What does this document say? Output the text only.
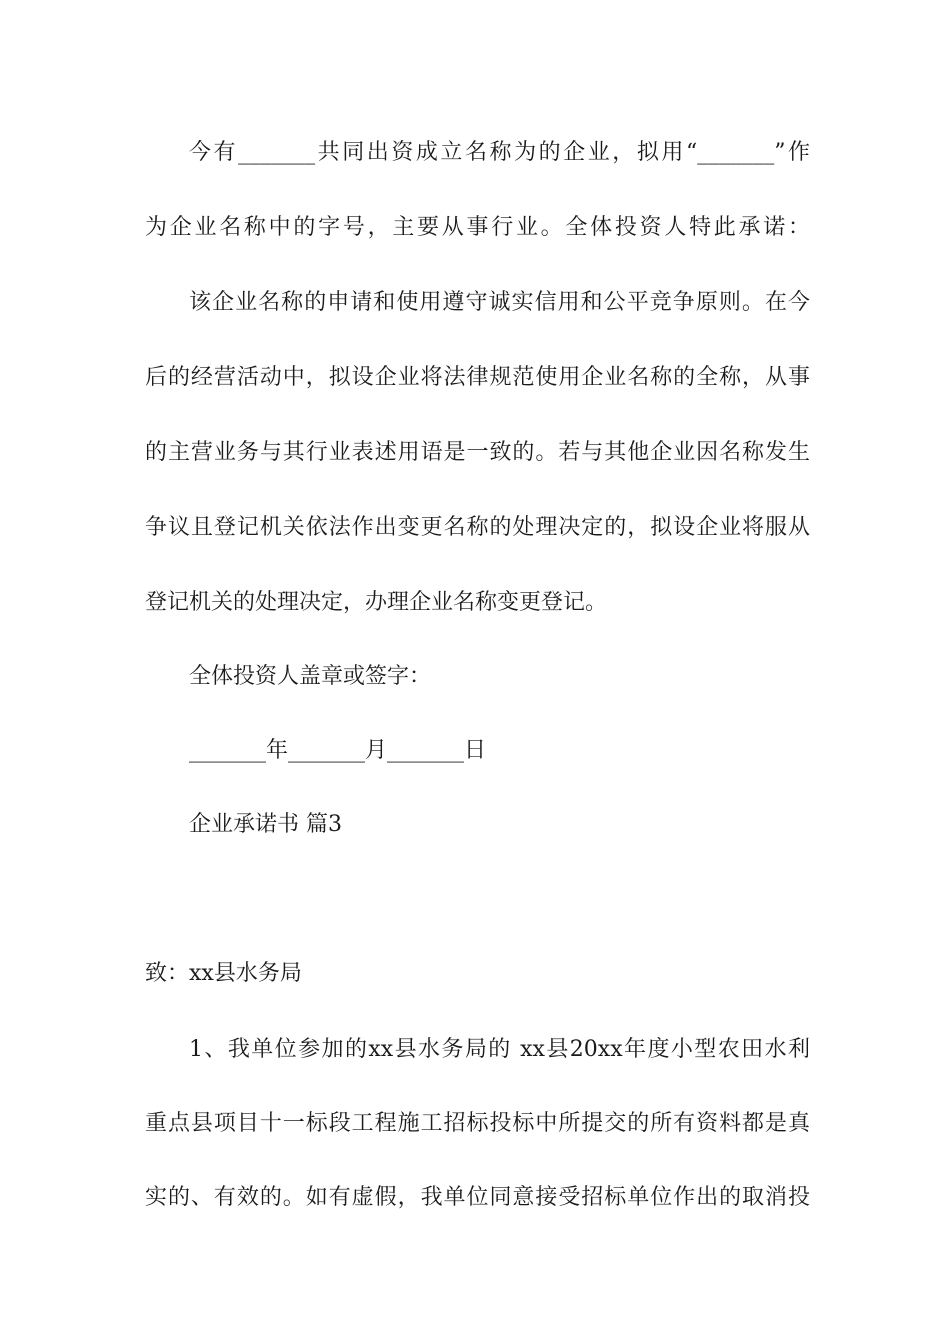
今有_______共同出资成立名称为的企业，拟用“_______”作
为企业名称中的字号，主要从事行业。全体投资人特此承诺：
该企业名称的申请和使用遵守诚实信用和公平竞争原则。在今
后的经营活动中，拟设企业将法律规范使用企业名称的全称，从事
的主营业务与其行业表述用语是一致的。若与其他企业因名称发生
争议且登记机关依法作出变更名称的处理决定的，拟设企业将服从
登记机关的处理决定，办理企业名称变更登记。
全体投资人盖章或签字：
_______年_______月_______日
企业承诺书 篇3
致：xx县水务局
1、我单位参加的xx县水务局的 xx县20xx年度小型农田水利
重点县项目十一标段工程施工招标投标中所提交的所有资料都是真
实的、有效的。如有虚假，我单位同意接受招标单位作出的取消投
